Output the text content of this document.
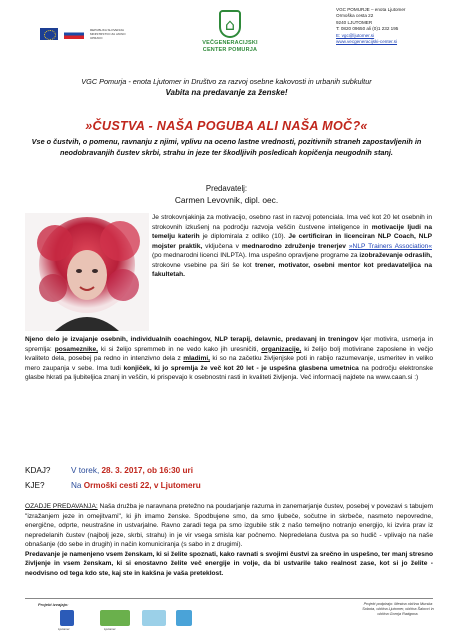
REPUBLIKA SLOVENIJA MINISTRSTVO ZA JAVNO UPRAVO
⌂
VEČGENERACIJSKI CENTER POMURJA
VGC POMURJE – enota Ljutomer
Ormoška cesta 22
9240 LJUTOMER
T: 0820 09650 ali (0)1 232 195
E: vgc@ljutomer.si
www.vecgeneracijski-center.si
VGC Pomurja - enota Ljutomer in Društvo za razvoj osebne kakovosti in urbanih subkultur
Vabita na predavanje za ženske!
»ČUSTVA - NAŠA POGUBA ALI NAŠA MOČ?«
Vse o čustvih, o pomenu, ravnanju z njimi, vplivu na oceno lastne vrednosti, pozitivnih straneh zapostavljenih in neodobravanjih čustev skrbi, strahu in jeze ter škodljivih posledicah kopičenja neugodnih stanj.
Predavatelj:
Carmen Levovnik, dipl. oec.
Je strokovnjakinja za motivacijo, osebno rast in razvoj potenciala. Ima več kot 20 let osebnih in strokovnih izkušenj na področju razvoja veščin čustvene inteligence in motivacije ljudi na temelju katerih je diplomirala z odliko (10). Je certificiran in licenciran NLP Coach, NLP mojster praktik, vključena v mednarodno združenje trenerjev »NLP Trainers Association« (po mednarodni licenci INLPTA). Ima uspešno opravljene programe za izobraževanje odraslih, strokovne vsebine pa širi še kot trener, motivator, osebni mentor kot predavateljica na fakultetah.
Njeno delo je izvajanje osebnih, individualnih coachingov, NLP terapij, delavnic, predavanj in treningov kjer motivira, usmerja in spremlja: posameznike, ki si želijo spremmeb in ne vedo kako jih uresničiti, organizacije, ki želijo bolj motivirane zaposlene in večjo kvaliteto dela, posebej pa redno in intenzivno dela z mladimi, ki so na začetku življenjske poti in rabijo razumevanje, usmeritev in veliko mero zaupanja v sebe. Ima tudi konjiček, ki jo spremlja že več kot 20 let - je uspešna glasbena umetnica na področju elektronske glasbe hkrati pa ljubiteljica znanj in veščin, ki prispevajo k osebnostni rasti in kvaliteti življenja. Več informacij najdete na www.caan.si :)
KDAJ?	V torek, 28. 3. 2017, ob 16:30 uri
KJE?	Na Ormoški cesti 22, v Ljutomeru
OZADJE PREDAVANJA: Naša družba je naravnana pretežno na poudarjanje razuma in zanemarjanje čustev, posebej v povezavi s tabujem "izražanjem jeze in omejitvami", ki jih imamo ženske. Spodbujene smo, da smo ljubeče, sočutne in skrbeče, nasmeto nepovredne, energične, odprte, neustrašne in ustvarjalne. Ravno zaradi tega pa smo izgubile stik z našo temeljno notranjo energijo, ki izvira prav iz nepredelanih čustev (najbolj jeze, skrbi, strahu) in je vir vsega smisla kar počnemo. Nepredelana čustva pa so hudič - vplivajo na naše obnašanje (do sebe in drugih) in način komuniciranja (s sabo in z drugimi).
Predavanje je namenjeno vsem ženskam, ki si želite spoznati, kako ravnati s svojimi čustvi za srečno in uspešno, ter manj stresno življenje in vsem ženskam, ki si enostavno želite več energije in volje, da bi ustvarile tako realnost zase, kot si jo želite - neodvisno od tega kdo ste, kaj ste in kakšna je vaša preteklost.
Projekt izvajajo:
Ljutomer	Ljutomer
Projekt podpirajo: Mestna občina Murska Sobota, občina Ljutomer, občina Šalovci in občina Gornja Radgona.
